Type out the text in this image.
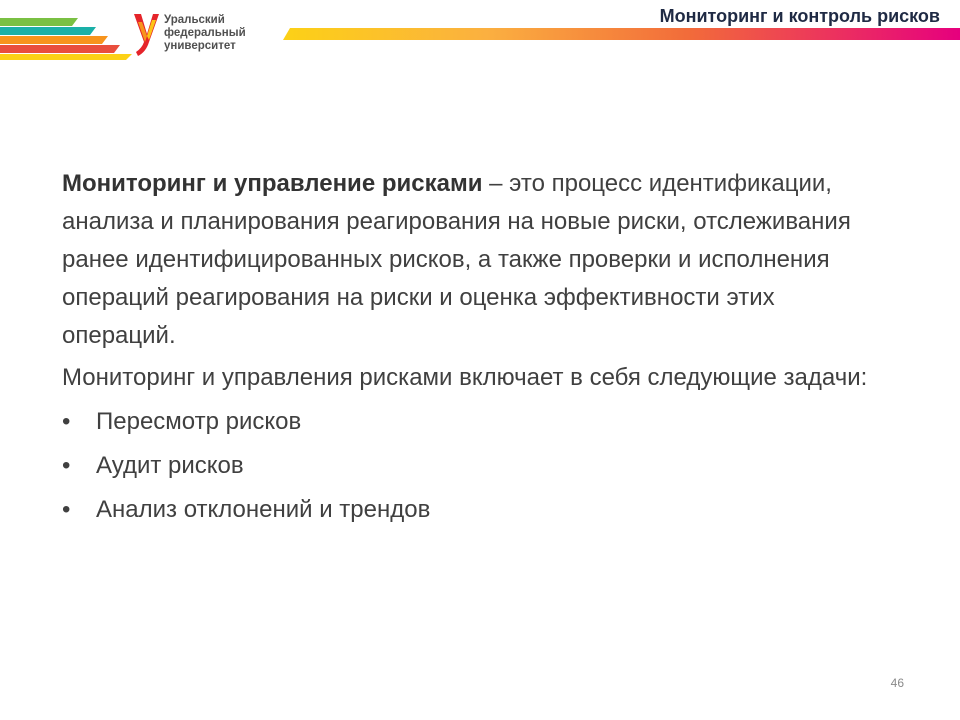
Уральский
федеральный
университет
Мониторинг и контроль рисков

Мониторинг и управление рисками – это процесс идентификации, анализа и планирования реагирования на новые риски, отслеживания ранее идентифицированных рисков, а также проверки и исполнения операций реагирования на риски и оценка эффективности этих операций.

Мониторинг и управления рисками включает в себя следующие задачи:

• Пересмотр рисков
• Аудит рисков
• Анализ отклонений и трендов
46
